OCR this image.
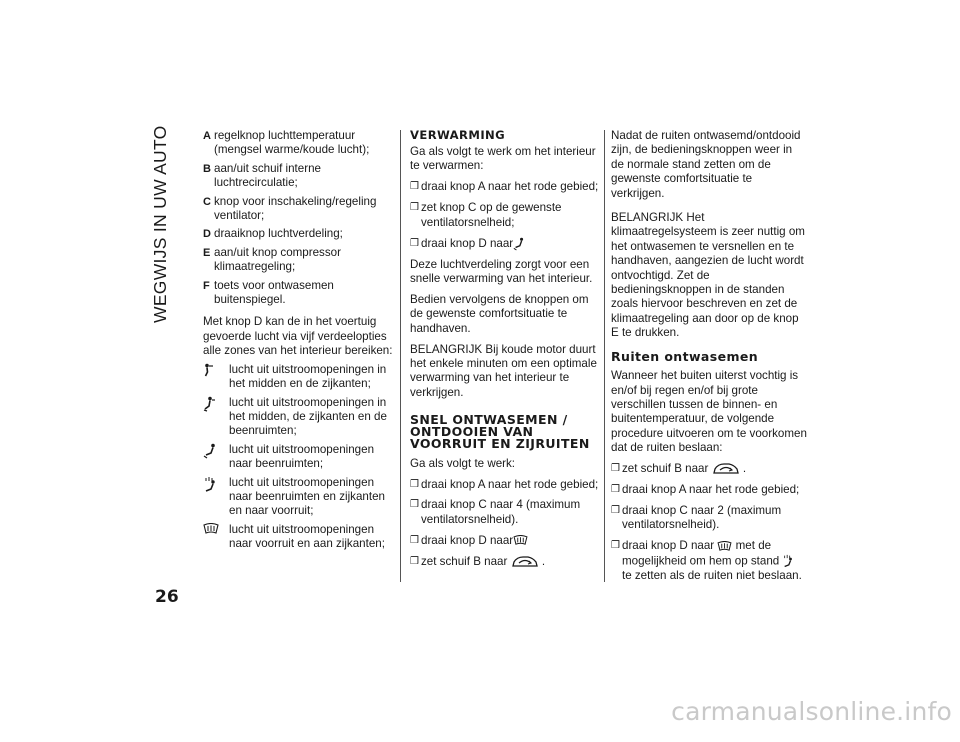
WEGWIJS IN UW AUTO	A regelknop luchttemperatuur (mengsel warme/koude lucht);
B aan/uit schuif interne luchtrecirculatie;
C knop voor inschakeling/regeling ventilator;
D draaiknop luchtverdeling;
E aan/uit knop compressor klimaatregeling;
F toets voor ontwasemen buitenspiegel.

Met knop D kan de in het voertuig gevoerde lucht via vijf verdeelopties alle zones van het interieur bereiken:

lucht uit uitstroomopeningen in het midden en de zijkanten;
lucht uit uitstroomopeningen in het midden, de zijkanten en de beenruimten;
lucht uit uitstroomopeningen naar beenruimten;
lucht uit uitstroomopeningen naar beenruimten en zijkanten en naar voorruit;
lucht uit uitstroomopeningen naar voorruit en aan zijkanten;

VERWARMING

Ga als volgt te werk om het interieur te verwarmen:

❒ draai knop A naar het rode gebied;
❒ zet knop C op de gewenste ventilatorsnelheid;
❒ draai knop D naar

Deze luchtverdeling zorgt voor een snelle verwarming van het interieur.

Bedien vervolgens de knoppen om de gewenste comfortsituatie te handhaven.

BELANGRIJK Bij koude motor duurt het enkele minuten om een optimale verwarming van het interieur te verkrijgen.

SNEL ONTWASEMEN / ONTDOOIEN VAN VOORRUIT EN ZIJRUITEN

Ga als volgt te werk:

❒ draai knop A naar het rode gebied;
❒ draai knop C naar 4 (maximum ventilatorsnelheid).
❒ draai knop D naar
❒ zet schuif B naar	.

Nadat de ruiten ontwasemd/ontdooid zijn, de bedieningsknoppen weer in de normale stand zetten om de gewenste comfortsituatie te verkrijgen.

BELANGRIJK Het klimaatregelsysteem is zeer nuttig om het ontwasemen te versnellen en te handhaven, aangezien de lucht wordt ontvochtigd. Zet de bedieningsknoppen in de standen zoals hiervoor beschreven en zet de klimaatregeling aan door op de knop E te drukken.

Ruiten ontwasemen

Wanneer het buiten uiterst vochtig is en/of bij regen en/of bij grote verschillen tussen de binnen- en buitentemperatuur, de volgende procedure uitvoeren om te voorkomen dat de ruiten beslaan:

❒ zet schuif B naar	.
❒ draai knop A naar het rode gebied;
❒ draai knop C naar 2 (maximum ventilatorsnelheid).
❒ draai knop D naar met de mogelijkheid om hem op stand
te zetten als de ruiten niet beslaan.
26
carmanualsonline.info
